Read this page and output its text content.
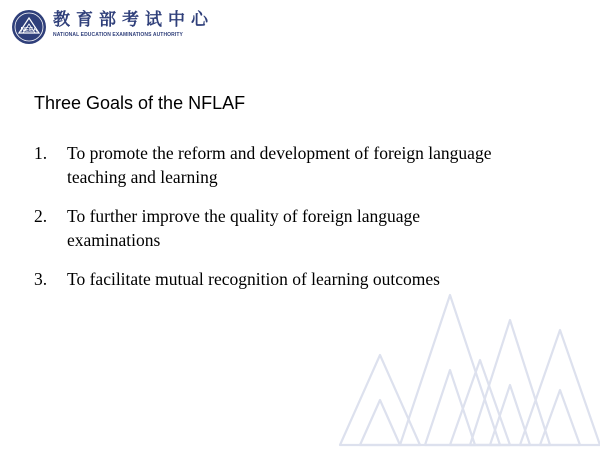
NEEA
教育部考试中心
NATIONAL EDUCATION EXAMINATIONS AUTHORITY
Three Goals of the NFLAF
1. To promote the reform and development of foreign language teaching and learning
2. To further improve the quality of foreign language examinations
3. To facilitate mutual recognition of learning outcomes
